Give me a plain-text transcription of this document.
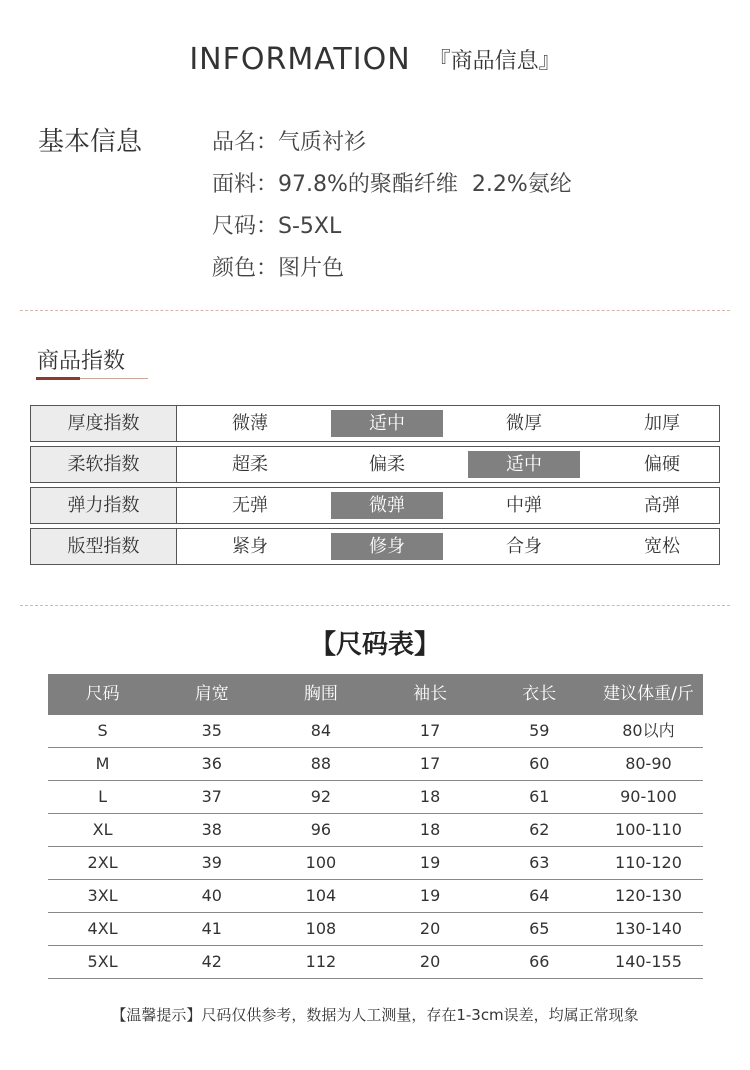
INFORMATION 『商品信息』
基本信息	品名：气质衬衫
面料：97.8%的聚酯纤维  2.2%氨纶
尺码：S-5XL
颜色：图片色
商品指数
厚度指数	微薄	适中	微厚	加厚
柔软指数	超柔	偏柔	适中	偏硬
弹力指数	无弹	微弹	中弹	高弹
版型指数	紧身	修身	合身	宽松
【尺码表】
尺码	肩宽	胸围	袖长	衣长	建议体重/斤
S	35	84	17	59	80以内
M	36	88	17	60	80-90
L	37	92	18	61	90-100
XL	38	96	18	62	100-110
2XL	39	100	19	63	110-120
3XL	40	104	19	64	120-130
4XL	41	108	20	65	130-140
5XL	42	112	20	66	140-155
【温馨提示】尺码仅供参考，数据为人工测量，存在1-3cm误差，均属正常现象
